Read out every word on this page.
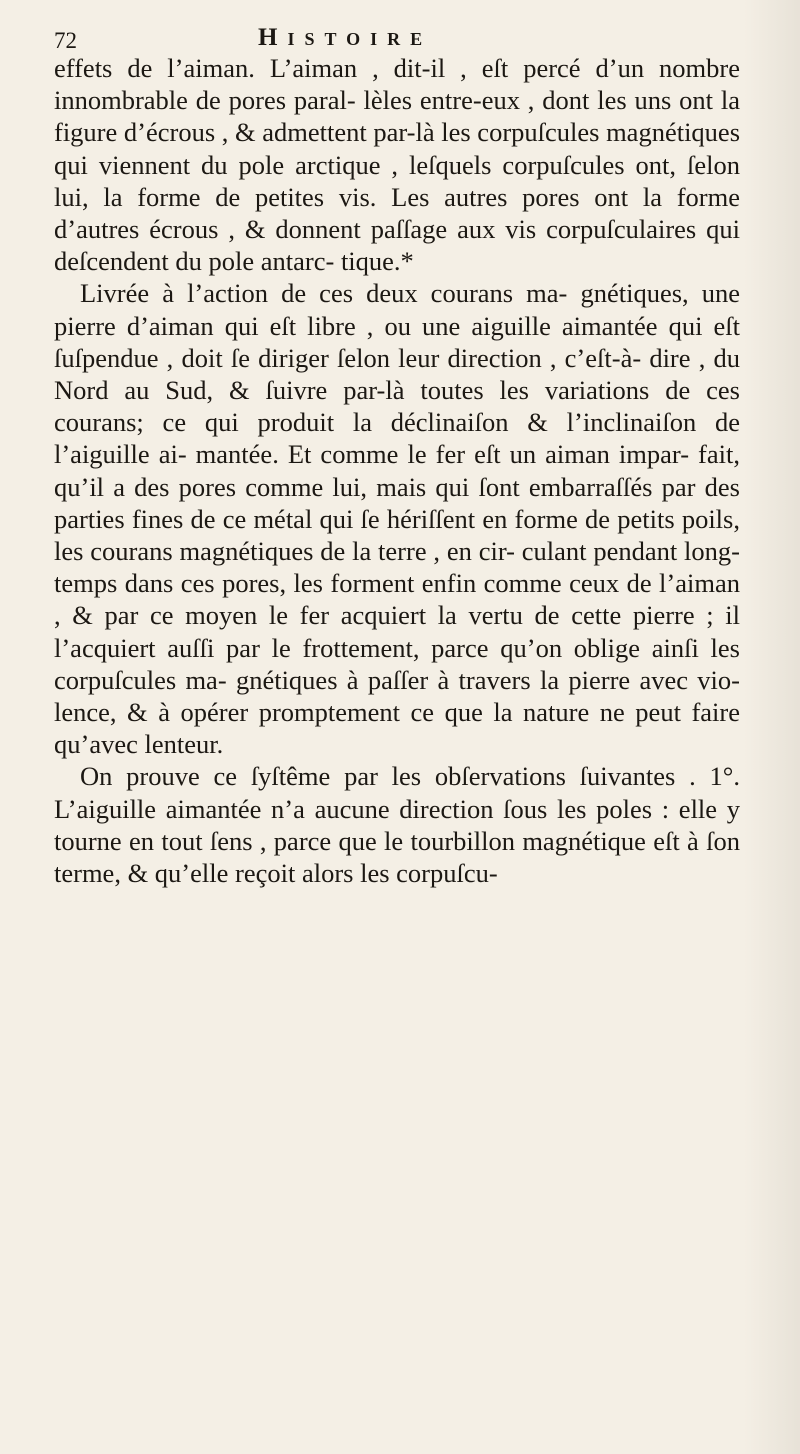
72	Histoire

effets de l’aiman. L’aiman , dit-il , eſt percé d’un nombre innombrable de pores paral- lèles entre-eux , dont les uns ont la figure d’écrous , & admettent par-là les corpuſcules magnétiques qui viennent du pole arctique , leſquels corpuſcules ont, ſelon lui, la forme de petites vis. Les autres pores ont la forme d’autres écrous , & donnent paſſage aux vis corpuſculaires qui deſcendent du pole antarc- tique.*

Livrée à l’action de ces deux courans ma- gnétiques, une pierre d’aiman qui eſt libre , ou une aiguille aimantée qui eſt ſuſpendue , doit ſe diriger ſelon leur direction , c’eſt-à- dire , du Nord au Sud, & ſuivre par-là toutes les variations de ces courans; ce qui produit la déclinaiſon & l’inclinaiſon de l’aiguille ai- mantée. Et comme le fer eſt un aiman impar- fait, qu’il a des pores comme lui, mais qui ſont embarraſſés par des parties fines de ce métal qui ſe hériſſent en forme de petits poils, les courans magnétiques de la terre , en cir- culant pendant long-temps dans ces pores, les forment enfin comme ceux de l’aiman , & par ce moyen le fer acquiert la vertu de cette pierre ; il l’acquiert auſſi par le frottement, parce qu’on oblige ainſi les corpuſcules ma- gnétiques à paſſer à travers la pierre avec vio- lence, & à opérer promptement ce que la nature ne peut faire qu’avec lenteur.

On prouve ce ſyſtême par les obſervations ſuivantes . 1°. L’aiguille aimantée n’a aucune direction ſous les poles : elle y tourne en tout ſens , parce que le tourbillon magnétique eſt à ſon terme, & qu’elle reçoit alors les corpuſcu-
